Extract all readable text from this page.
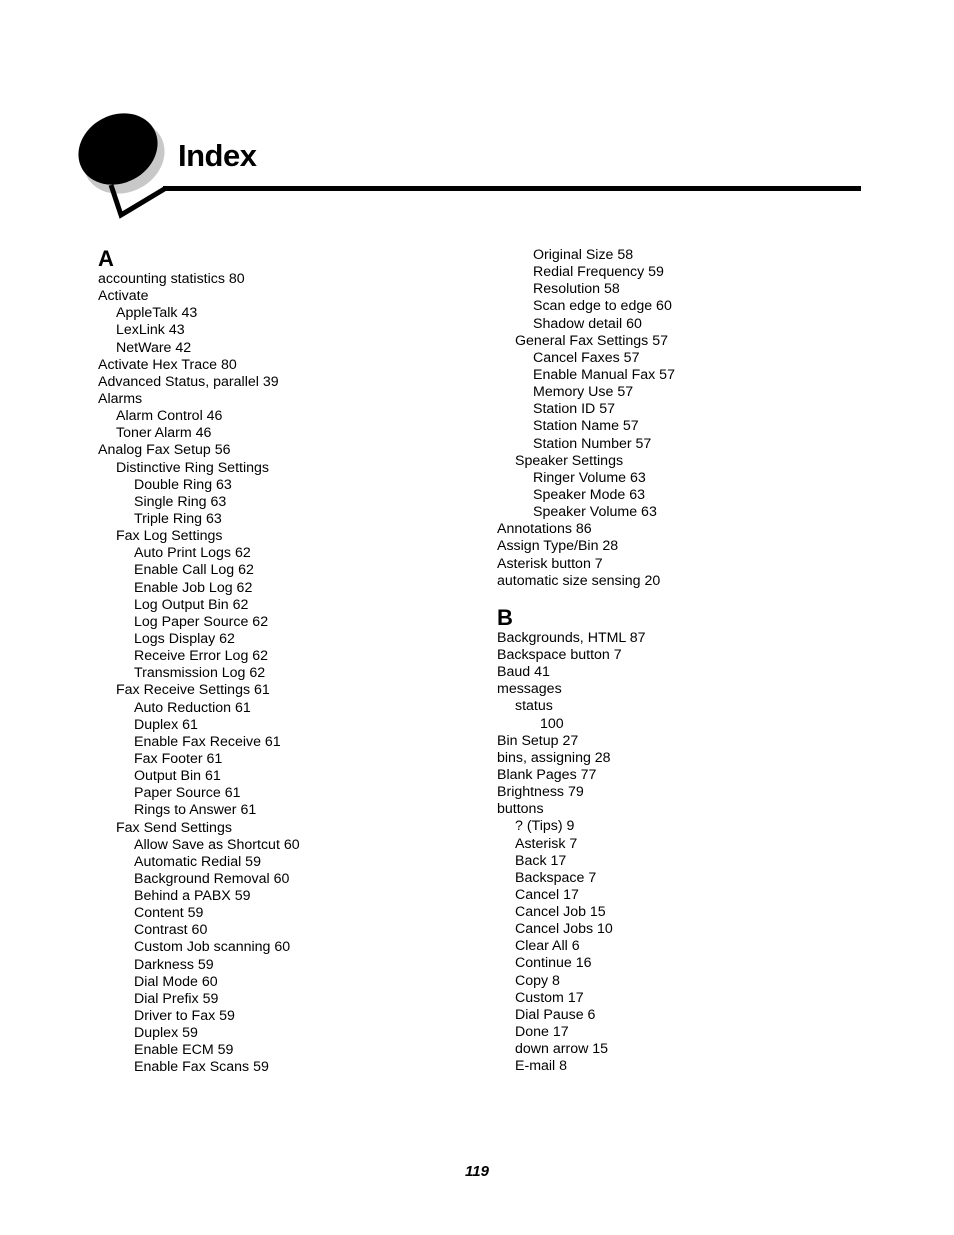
Index
A
accounting statistics 80
Activate
AppleTalk 43
LexLink 43
NetWare 42
Activate Hex Trace 80
Advanced Status, parallel 39
Alarms
Alarm Control 46
Toner Alarm 46
Analog Fax Setup 56
Distinctive Ring Settings
Double Ring 63
Single Ring 63
Triple Ring 63
Fax Log Settings
Auto Print Logs 62
Enable Call Log 62
Enable Job Log 62
Log Output Bin 62
Log Paper Source 62
Logs Display 62
Receive Error Log 62
Transmission Log 62
Fax Receive Settings 61
Auto Reduction 61
Duplex 61
Enable Fax Receive 61
Fax Footer 61
Output Bin 61
Paper Source 61
Rings to Answer 61
Fax Send Settings
Allow Save as Shortcut 60
Automatic Redial 59
Background Removal 60
Behind a PABX 59
Content 59
Contrast 60
Custom Job scanning 60
Darkness 59
Dial Mode 60
Dial Prefix 59
Driver to Fax 59
Duplex 59
Enable ECM 59
Enable Fax Scans 59
Original Size 58
Redial Frequency 59
Resolution 58
Scan edge to edge 60
Shadow detail 60
General Fax Settings 57
Cancel Faxes 57
Enable Manual Fax 57
Memory Use 57
Station ID 57
Station Name 57
Station Number 57
Speaker Settings
Ringer Volume 63
Speaker Mode 63
Speaker Volume 63
Annotations 86
Assign Type/Bin 28
Asterisk button 7
automatic size sensing 20
B
Backgrounds, HTML 87
Backspace button 7
Baud 41
messages
status
100
Bin Setup 27
bins, assigning 28
Blank Pages 77
Brightness 79
buttons
? (Tips) 9
Asterisk 7
Back 17
Backspace 7
Cancel 17
Cancel Job 15
Cancel Jobs 10
Clear All 6
Continue 16
Copy 8
Custom 17
Dial Pause 6
Done 17
down arrow 15
E-mail 8
119
